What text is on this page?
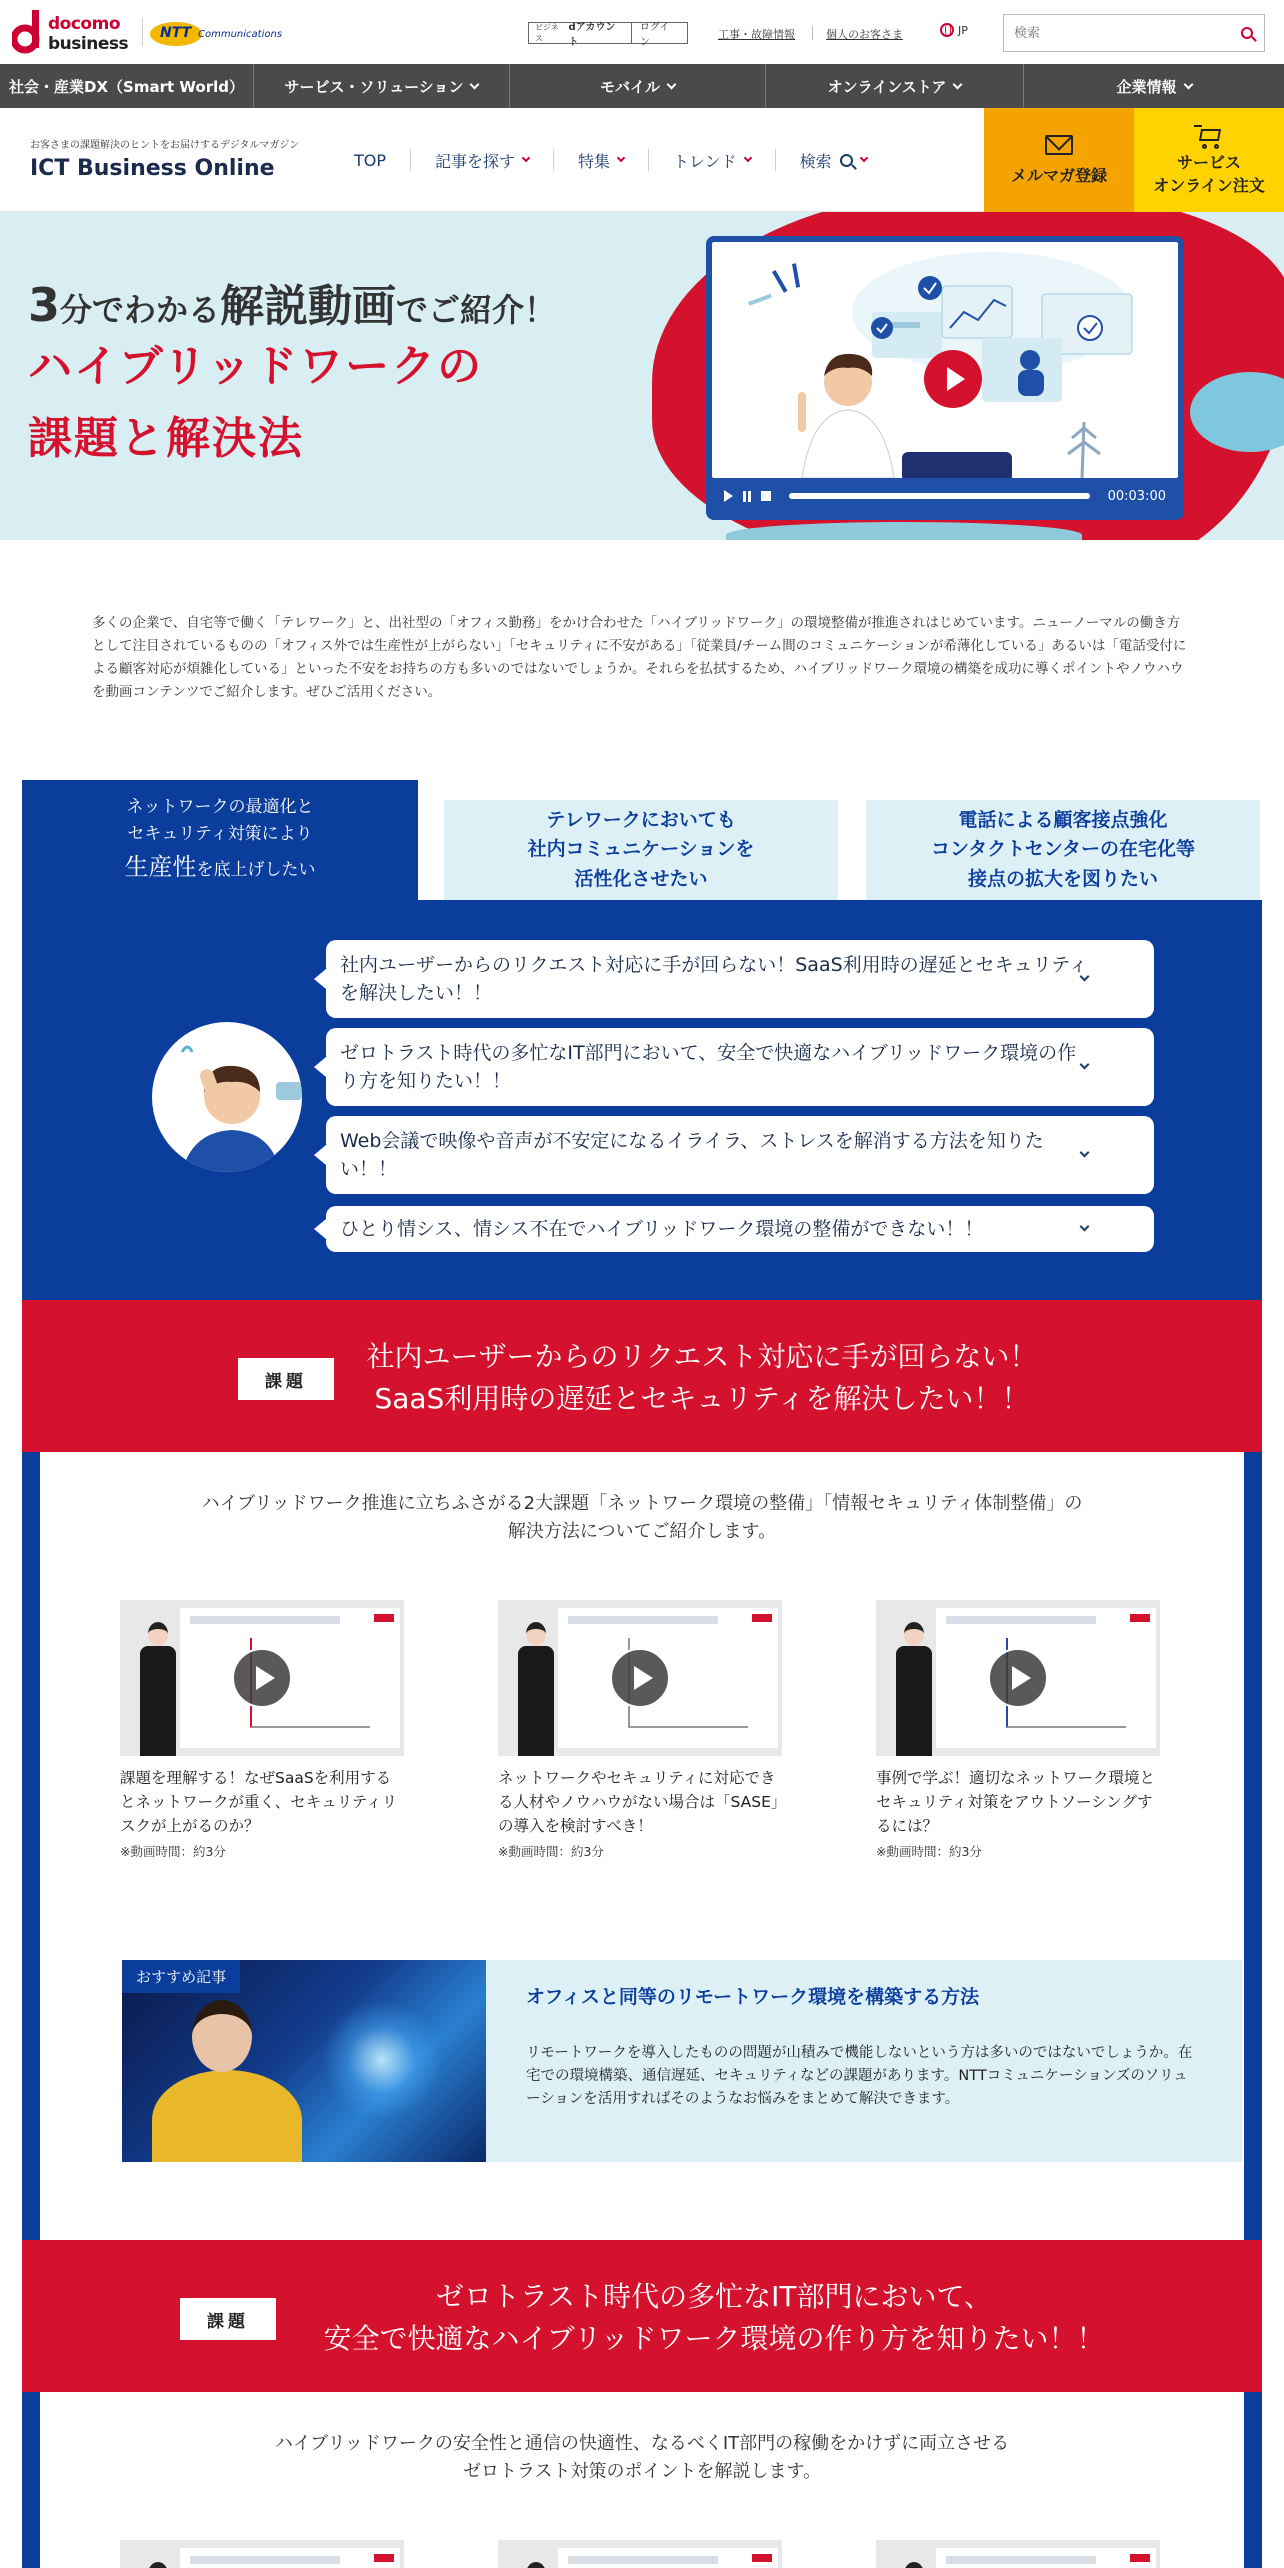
docomo
business
NTT Communications
ビジネス
dアカウント
ログイン
工事・故障情報	個人のお客さま	JP
検索
社会・産業DX（Smart World）	サービス・ソリューション	モバイル	オンラインストア	企業情報
お客さまの課題解決のヒントをお届けするデジタルマガジン
ICT Business Online	TOP	記事を探す	特集	トレンド	検索
メルマガ登録
サービス
オンライン注文
3分でわかる解説動画でご紹介！
ハイブリッドワークの
課題と解決法
00:03:00

多くの企業で、自宅等で働く「テレワーク」と、出社型の「オフィス勤務」をかけ合わせた「ハイブリッドワーク」の環境整備が推進されはじめています。ニューノーマルの働き方として注目されているものの「オフィス外では生産性が上がらない」「セキュリティに不安がある」「従業員/チーム間のコミュニケーションが希薄化している」あるいは「電話受付による顧客対応が煩雑化している」といった不安をお持ちの方も多いのではないでしょうか。それらを払拭するため、ハイブリッドワーク環境の構築を成功に導くポイントやノウハウを動画コンテンツでご紹介します。ぜひご活用ください。

ネットワークの最適化と
セキュリティ対策により
生産性を底上げしたい
テレワークにおいても
社内コミュニケーションを
活性化させたい
電話による顧客接点強化
コンタクトセンターの在宅化等
接点の拡大を図りたい
社内ユーザーからのリクエスト対応に手が回らない！SaaS利用時の遅延とセキュリティを解決したい！！
ゼロトラスト時代の多忙なIT部門において、安全で快適なハイブリッドワーク環境の作り方を知りたい！！
Web会議で映像や音声が不安定になるイライラ、ストレスを解消する方法を知りたい！！
ひとり情シス、情シス不在でハイブリッドワーク環境の整備ができない！！
課題
社内ユーザーからのリクエスト対応に手が回らない！
SaaS利用時の遅延とセキュリティを解決したい！！
ハイブリッドワーク推進に立ちふさがる2大課題「ネットワーク環境の整備」「情報セキュリティ体制整備」の
解決方法についてご紹介します。
課題を理解する！なぜSaaSを利用するとネットワークが重く、セキュリティリスクが上がるのか？
※動画時間：約3分
ネットワークやセキュリティに対応できる人材やノウハウがない場合は「SASE」の導入を検討すべき！
※動画時間：約3分
事例で学ぶ！適切なネットワーク環境とセキュリティ対策をアウトソーシングするには？
※動画時間：約3分
おすすめ記事
オフィスと同等のリモートワーク環境を構築する方法
リモートワークを導入したものの問題が山積みで機能しないという方は多いのではないでしょうか。在宅での環境構築、通信遅延、セキュリティなどの課題があります。NTTコミュニケーションズのソリューションを活用すればそのようなお悩みをまとめて解決できます。
課題
ゼロトラスト時代の多忙なIT部門において、
安全で快適なハイブリッドワーク環境の作り方を知りたい！！
ハイブリッドワークの安全性と通信の快適性、なるべくIT部門の稼働をかけずに両立させる
ゼロトラスト対策のポイントを解説します。
